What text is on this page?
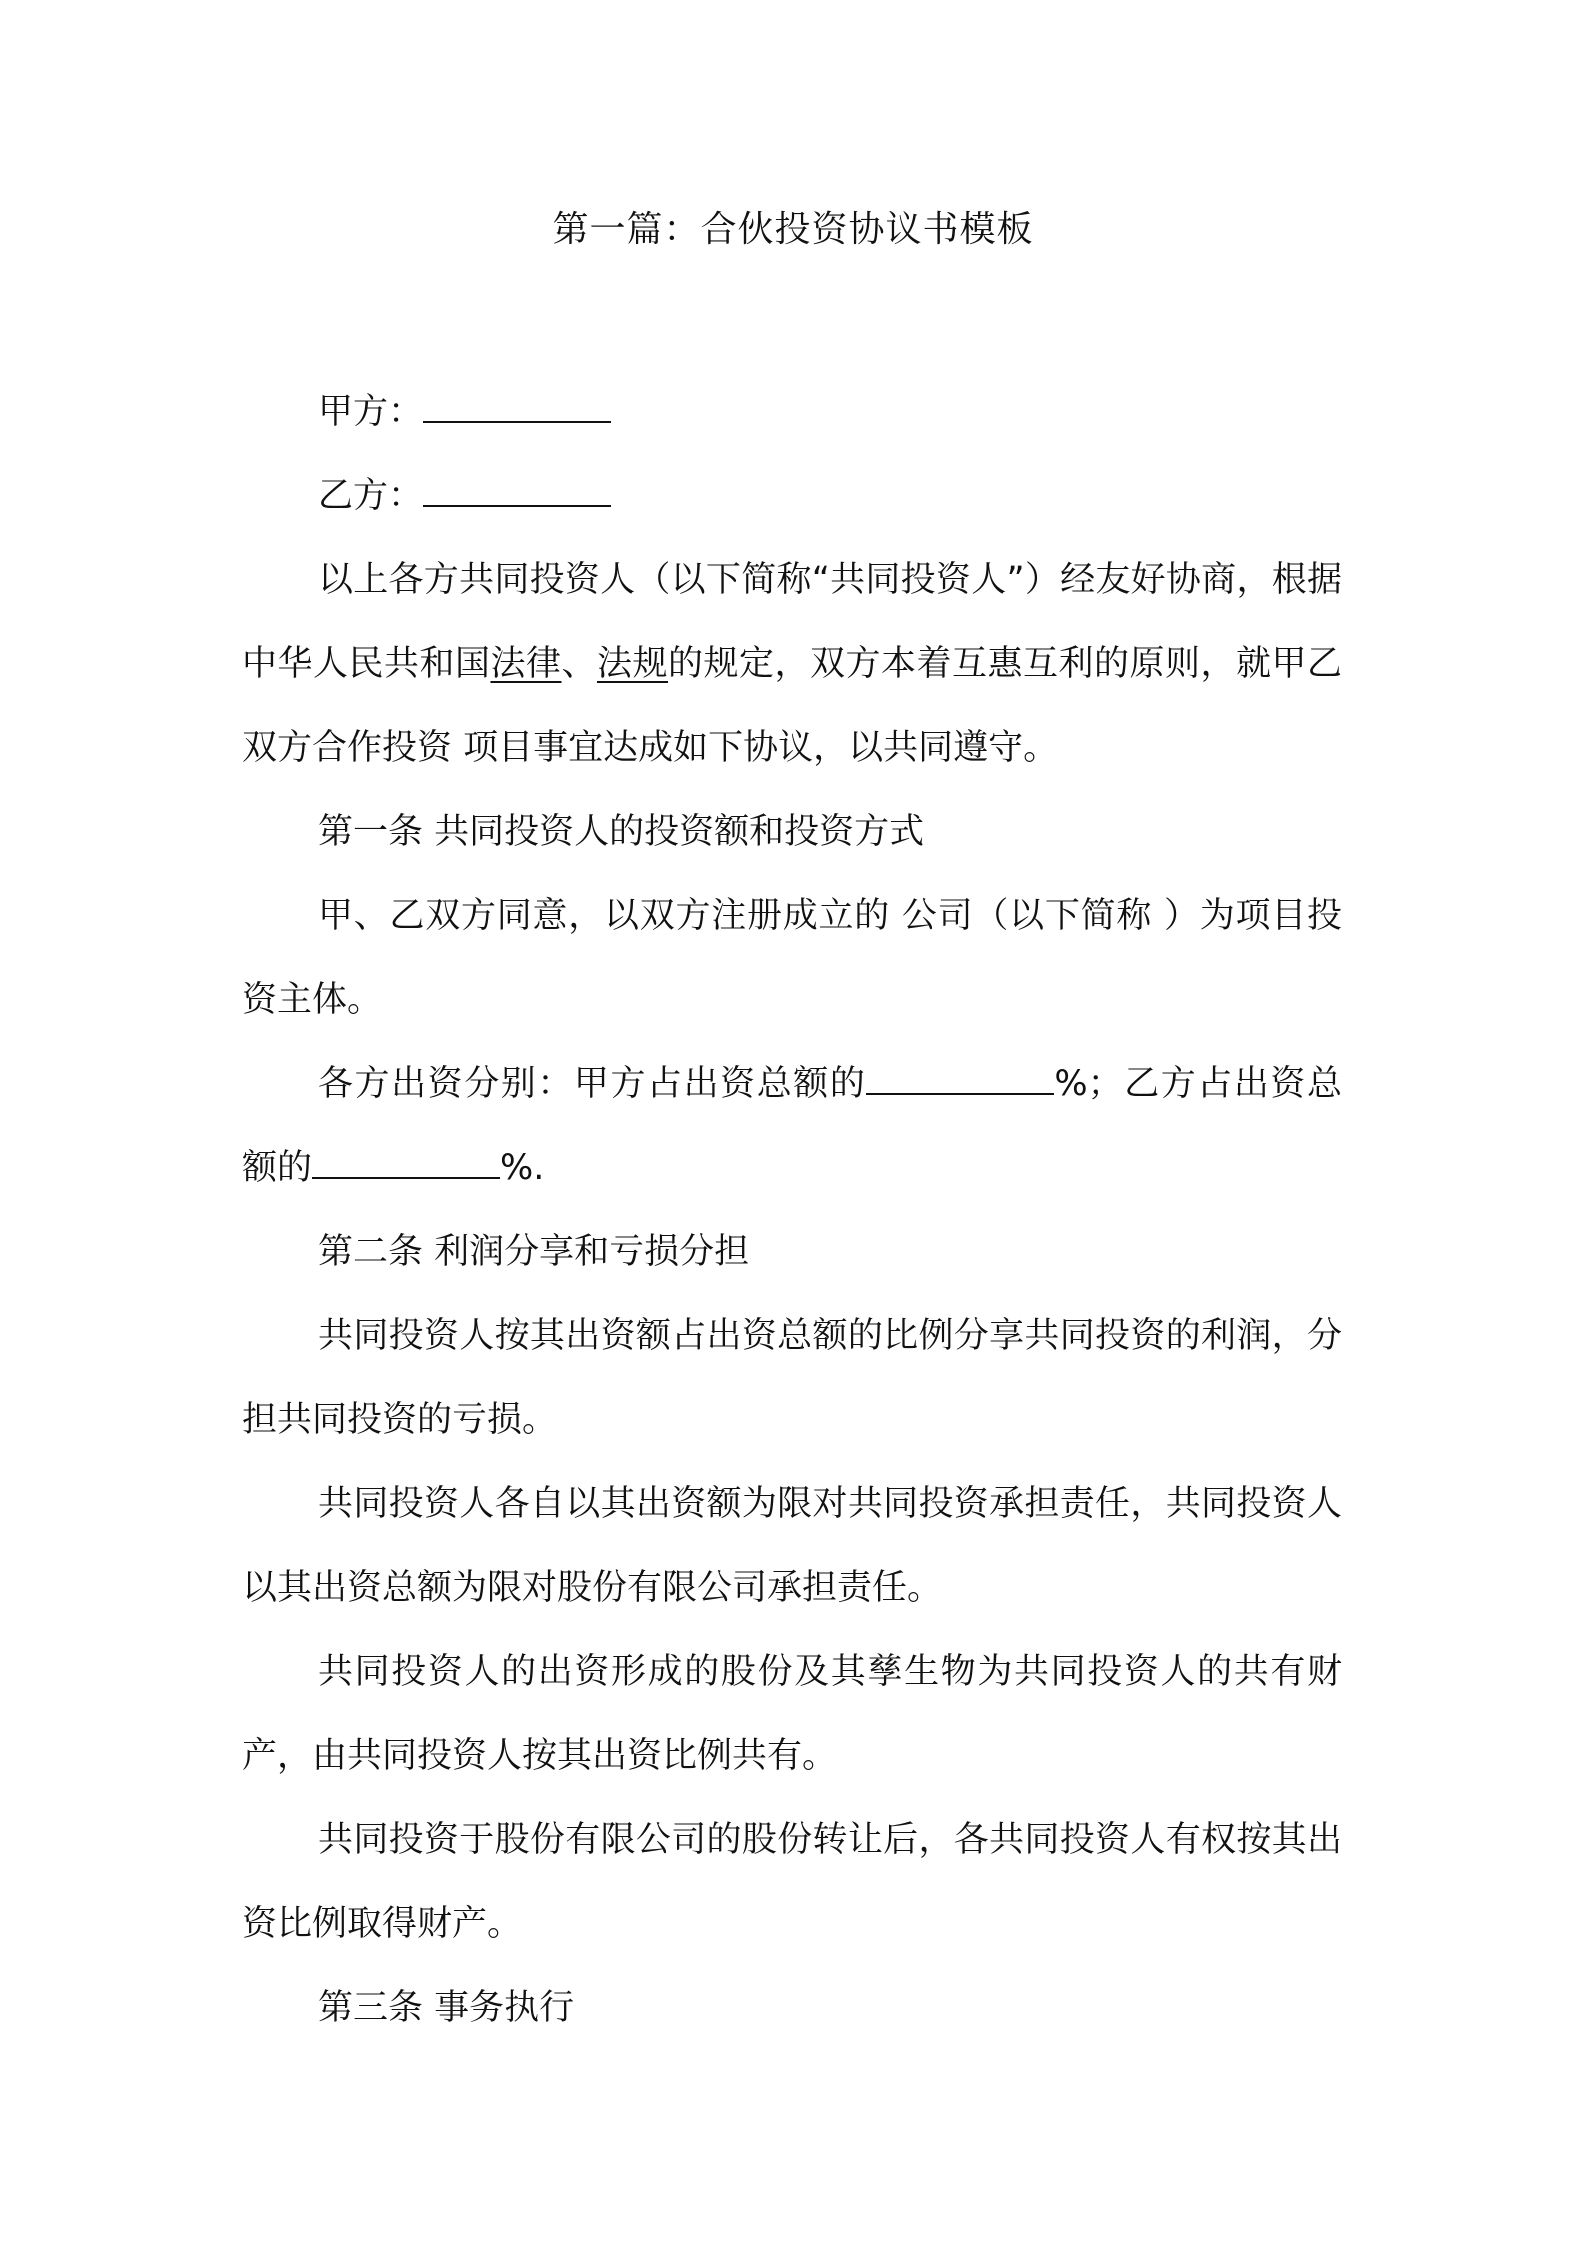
第一篇：合伙投资协议书模板

甲方：

乙方：

以上各方共同投资人（以下简称“共同投资人”）经友好协商，根据中华人民共和国法律、法规的规定，双方本着互惠互利的原则，就甲乙双方合作投资 项目事宜达成如下协议，以共同遵守。

第一条 共同投资人的投资额和投资方式

甲、乙双方同意，以双方注册成立的 公司（以下简称 ）为项目投资主体。

各方出资分别：甲方占出资总额的	%；乙方占出资总额的	%.

第二条 利润分享和亏损分担

共同投资人按其出资额占出资总额的比例分享共同投资的利润，分担共同投资的亏损。

共同投资人各自以其出资额为限对共同投资承担责任，共同投资人以其出资总额为限对股份有限公司承担责任。

共同投资人的出资形成的股份及其孳生物为共同投资人的共有财产，由共同投资人按其出资比例共有。

共同投资于股份有限公司的股份转让后，各共同投资人有权按其出资比例取得财产。

第三条 事务执行
